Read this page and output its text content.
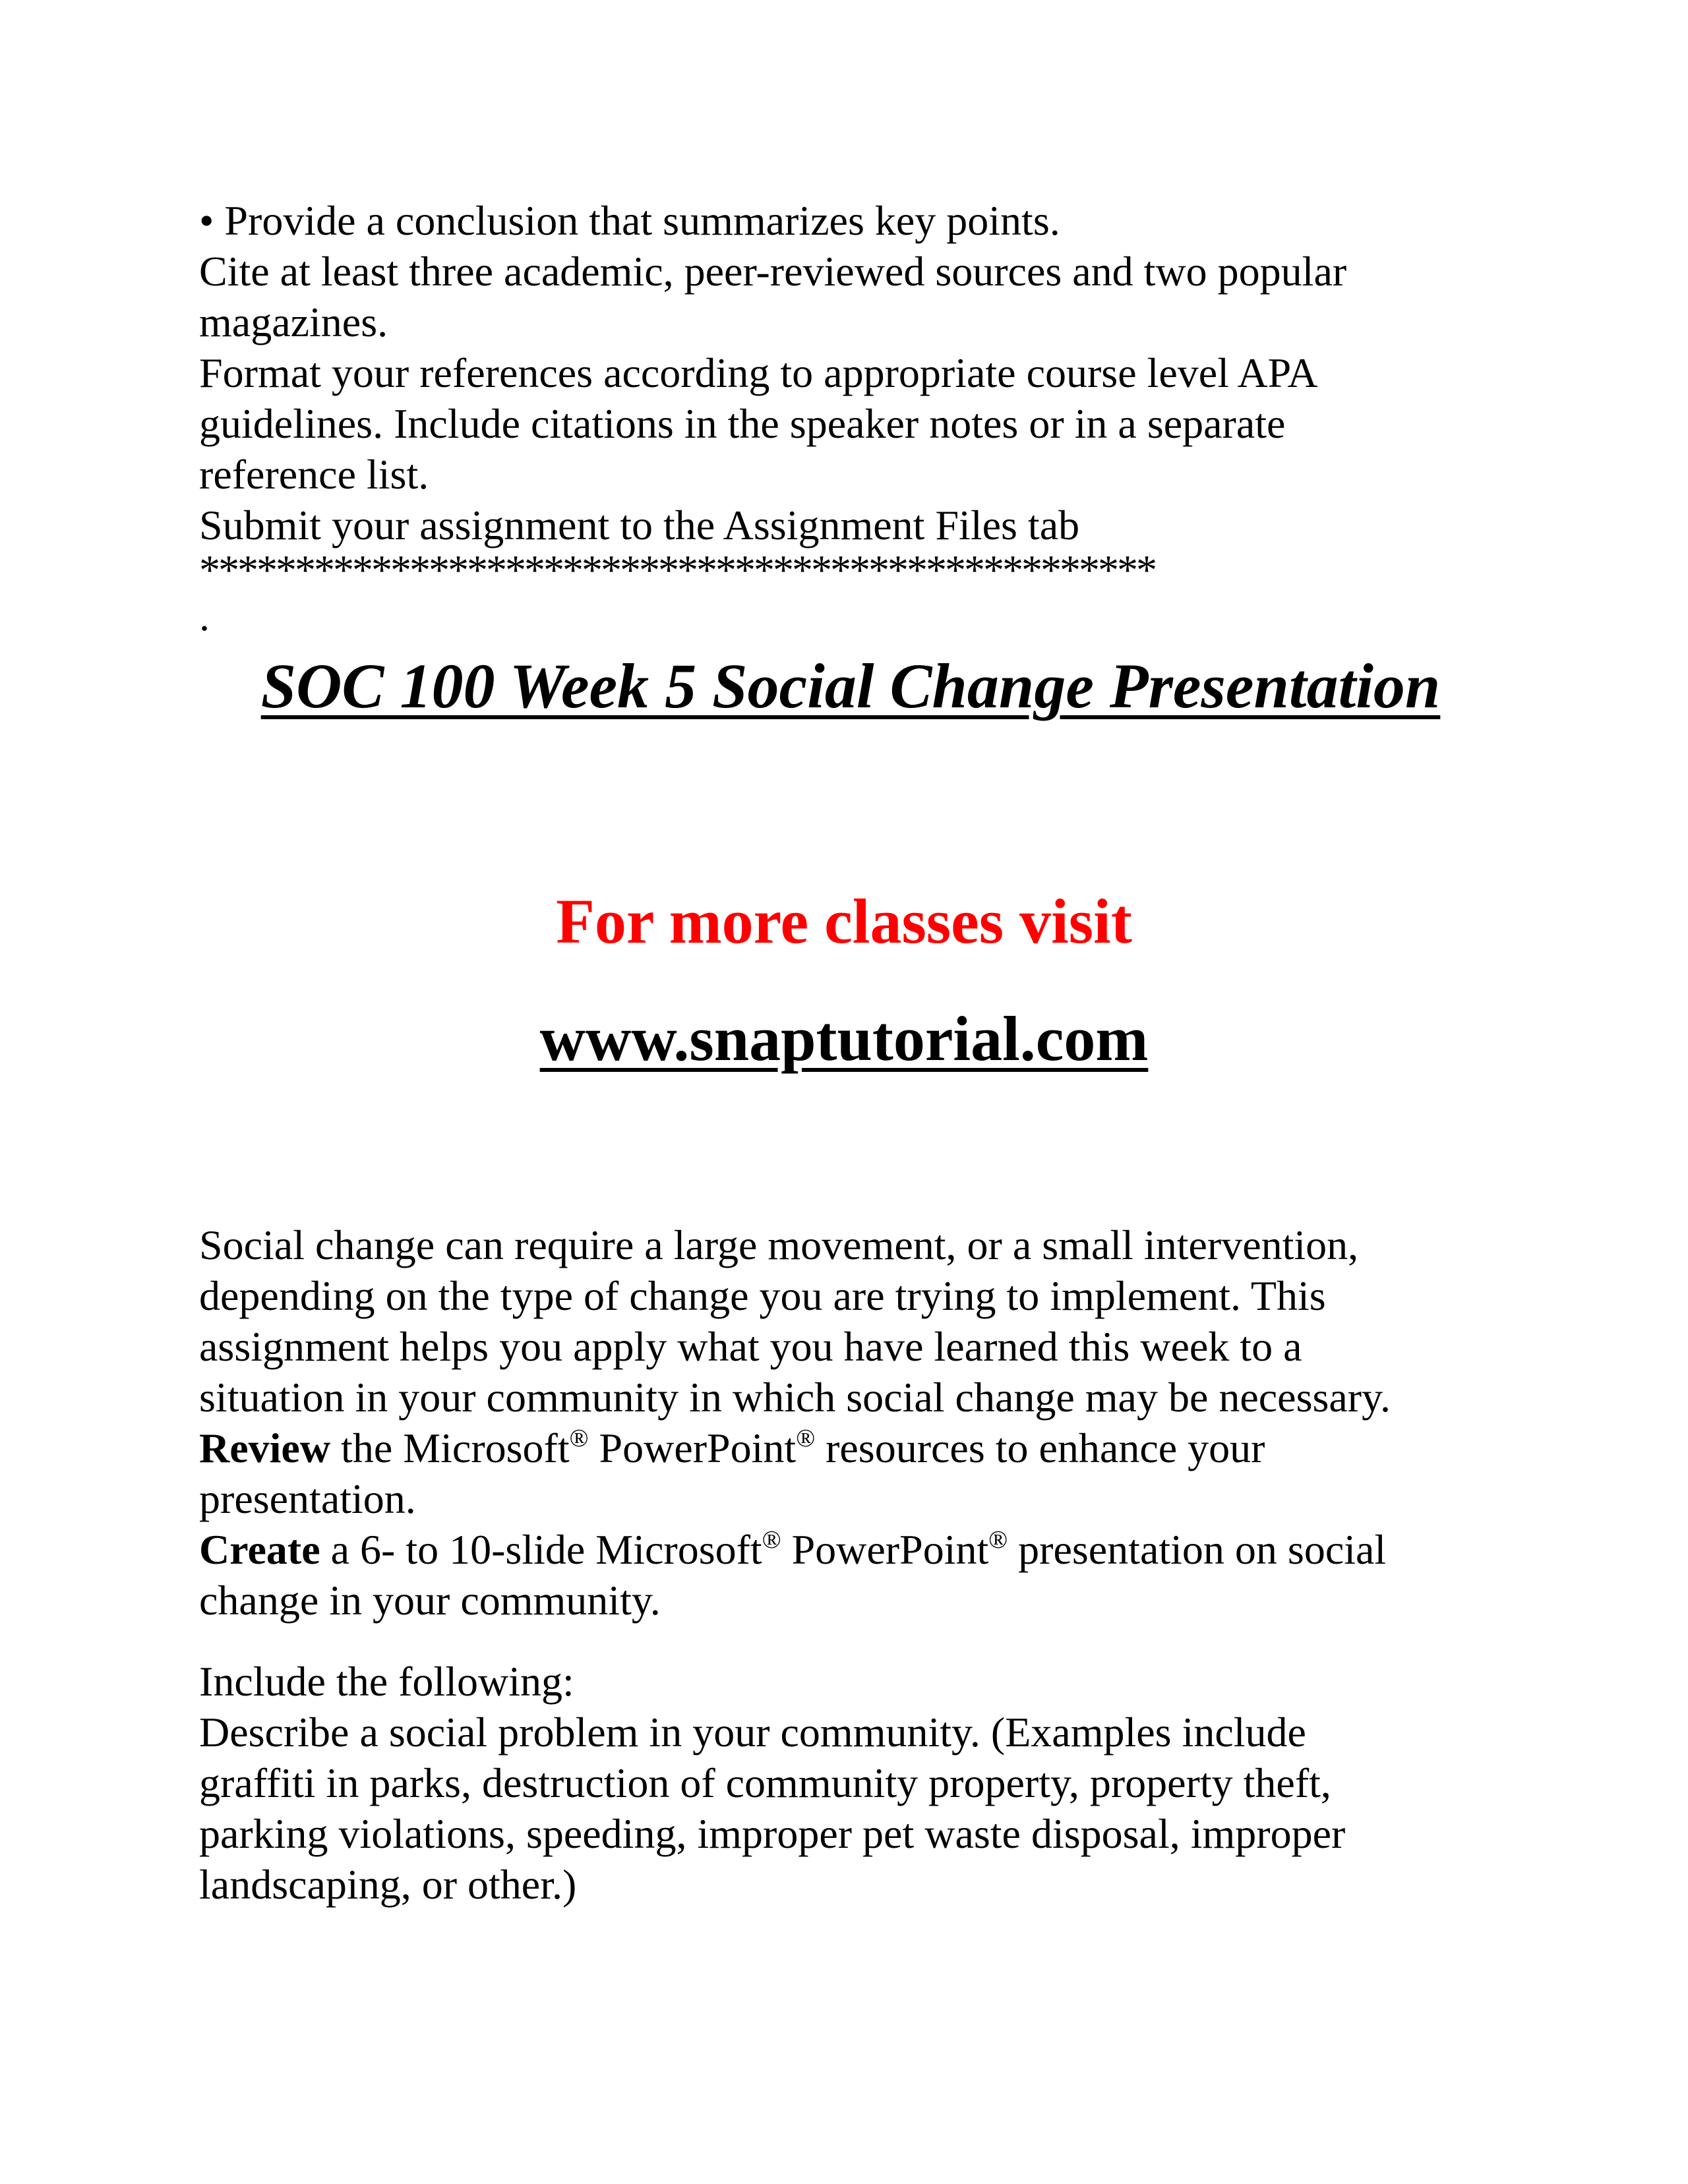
• Provide a conclusion that summarizes key points.

Cite at least three academic, peer-reviewed sources and two popular

magazines.

Format your references according to appropriate course level APA

guidelines. Include citations in the speaker notes or in a separate

reference list.

Submit your assignment to the Assignment Files tab

**************************************************

.

SOC 100 Week 5 Social Change Presentation
For more classes visit
www.snaptutorial.com

Social change can require a large movement, or a small intervention,

depending on the type of change you are trying to implement. This

assignment helps you apply what you have learned this week to a

situation in your community in which social change may be necessary.

Review the Microsoft® PowerPoint® resources to enhance your

presentation.

Create a 6- to 10-slide Microsoft® PowerPoint® presentation on social

change in your community.

Include the following:

Describe a social problem in your community. (Examples include

graffiti in parks, destruction of community property, property theft,

parking violations, speeding, improper pet waste disposal, improper

landscaping, or other.)
